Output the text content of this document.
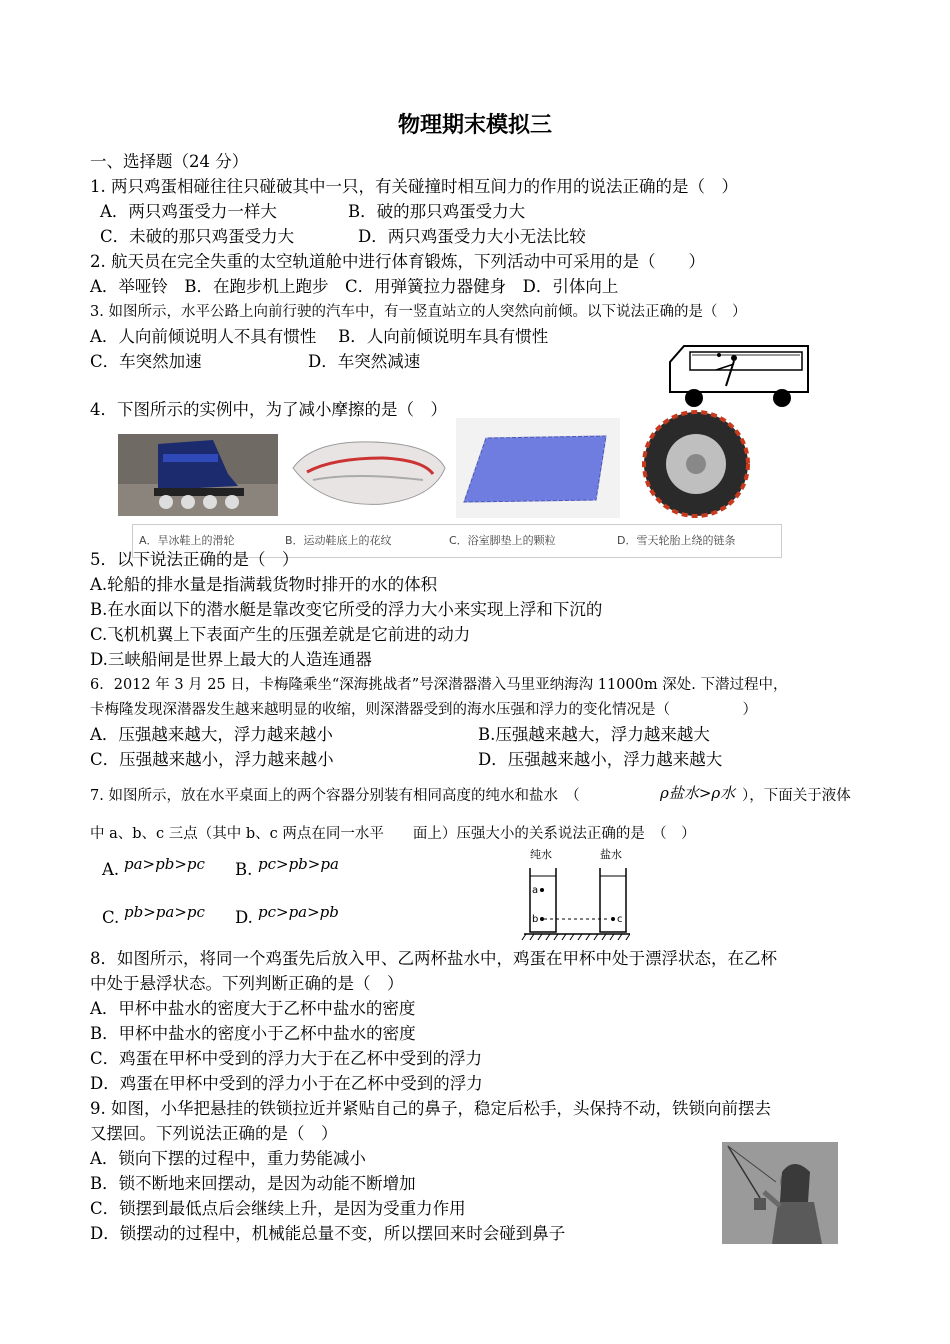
物理期末模拟三
一、选择题（24 分）
1. 两只鸡蛋相碰往往只碰破其中一只，有关碰撞时相互间力的作用的说法正确的是（　）
A．两只鸡蛋受力一样大	B．破的那只鸡蛋受力大
C．未破的那只鸡蛋受力大	D．两只鸡蛋受力大小无法比较
2. 航天员在完全失重的太空轨道舱中进行体育锻炼，下列活动中可采用的是（　　）
A．举哑铃　B．在跑步机上跑步　C．用弹簧拉力器健身　D．引体向上
3. 如图所示，水平公路上向前行驶的汽车中，有一竖直站立的人突然向前倾。以下说法正确的是（　）
A．人向前倾说明人不具有惯性　 B．人向前倾说明车具有惯性
C．车突然加速	D．车突然减速
4．下图所示的实例中，为了减小摩擦的是（　）
A．旱冰鞋上的滑轮	B．运动鞋底上的花纹	C．浴室脚垫上的颗粒	D．雪天轮胎上绕的链条
5．以下说法正确的是（　）
A.轮船的排水量是指满载货物时排开的水的体积
B.在水面以下的潜水艇是靠改变它所受的浮力大小来实现上浮和下沉的
C.飞机机翼上下表面产生的压强差就是它前进的动力
D.三峡船闸是世界上最大的人造连通器
6．2012 年 3 月 25 日，卡梅隆乘坐“深海挑战者”号深潜器潜入马里亚纳海沟 11000m 深处. 下潜过程中，
卡梅隆发现深潜器发生越来越明显的收缩，则深潜器受到的海水压强和浮力的变化情况是（　　　　　）
A．压强越来越大，浮力越来越小	B.压强越来越大，浮力越来越大
C．压强越来越小，浮力越来越小	D．压强越来越小，浮力越来越大
7. 如图所示，放在水平桌面上的两个容器分别装有相同高度的纯水和盐水　（	ρ盐水>ρ水 ），下面关于液体
中 a、b、c 三点（其中 b、c 两点在同一水平　　面上）压强大小的关系说法正确的是　（　）
A. pa>pb>pc B. pc>pb>pa
C. pb>pa>pc D. pc>pa>pb
纯水	盐水
a
b	c
8．如图所示，将同一个鸡蛋先后放入甲、乙两杯盐水中，鸡蛋在甲杯中处于漂浮状态，在乙杯
中处于悬浮状态。下列判断正确的是（　）
A．甲杯中盐水的密度大于乙杯中盐水的密度
B．甲杯中盐水的密度小于乙杯中盐水的密度
C．鸡蛋在甲杯中受到的浮力大于在乙杯中受到的浮力
D．鸡蛋在甲杯中受到的浮力小于在乙杯中受到的浮力
9. 如图，小华把悬挂的铁锁拉近并紧贴自己的鼻子，稳定后松手，头保持不动，铁锁向前摆去
又摆回。下列说法正确的是（　）
A．锁向下摆的过程中，重力势能减小
B．锁不断地来回摆动，是因为动能不断增加
C．锁摆到最低点后会继续上升，是因为受重力作用
D．锁摆动的过程中，机械能总量不变，所以摆回来时会碰到鼻子
